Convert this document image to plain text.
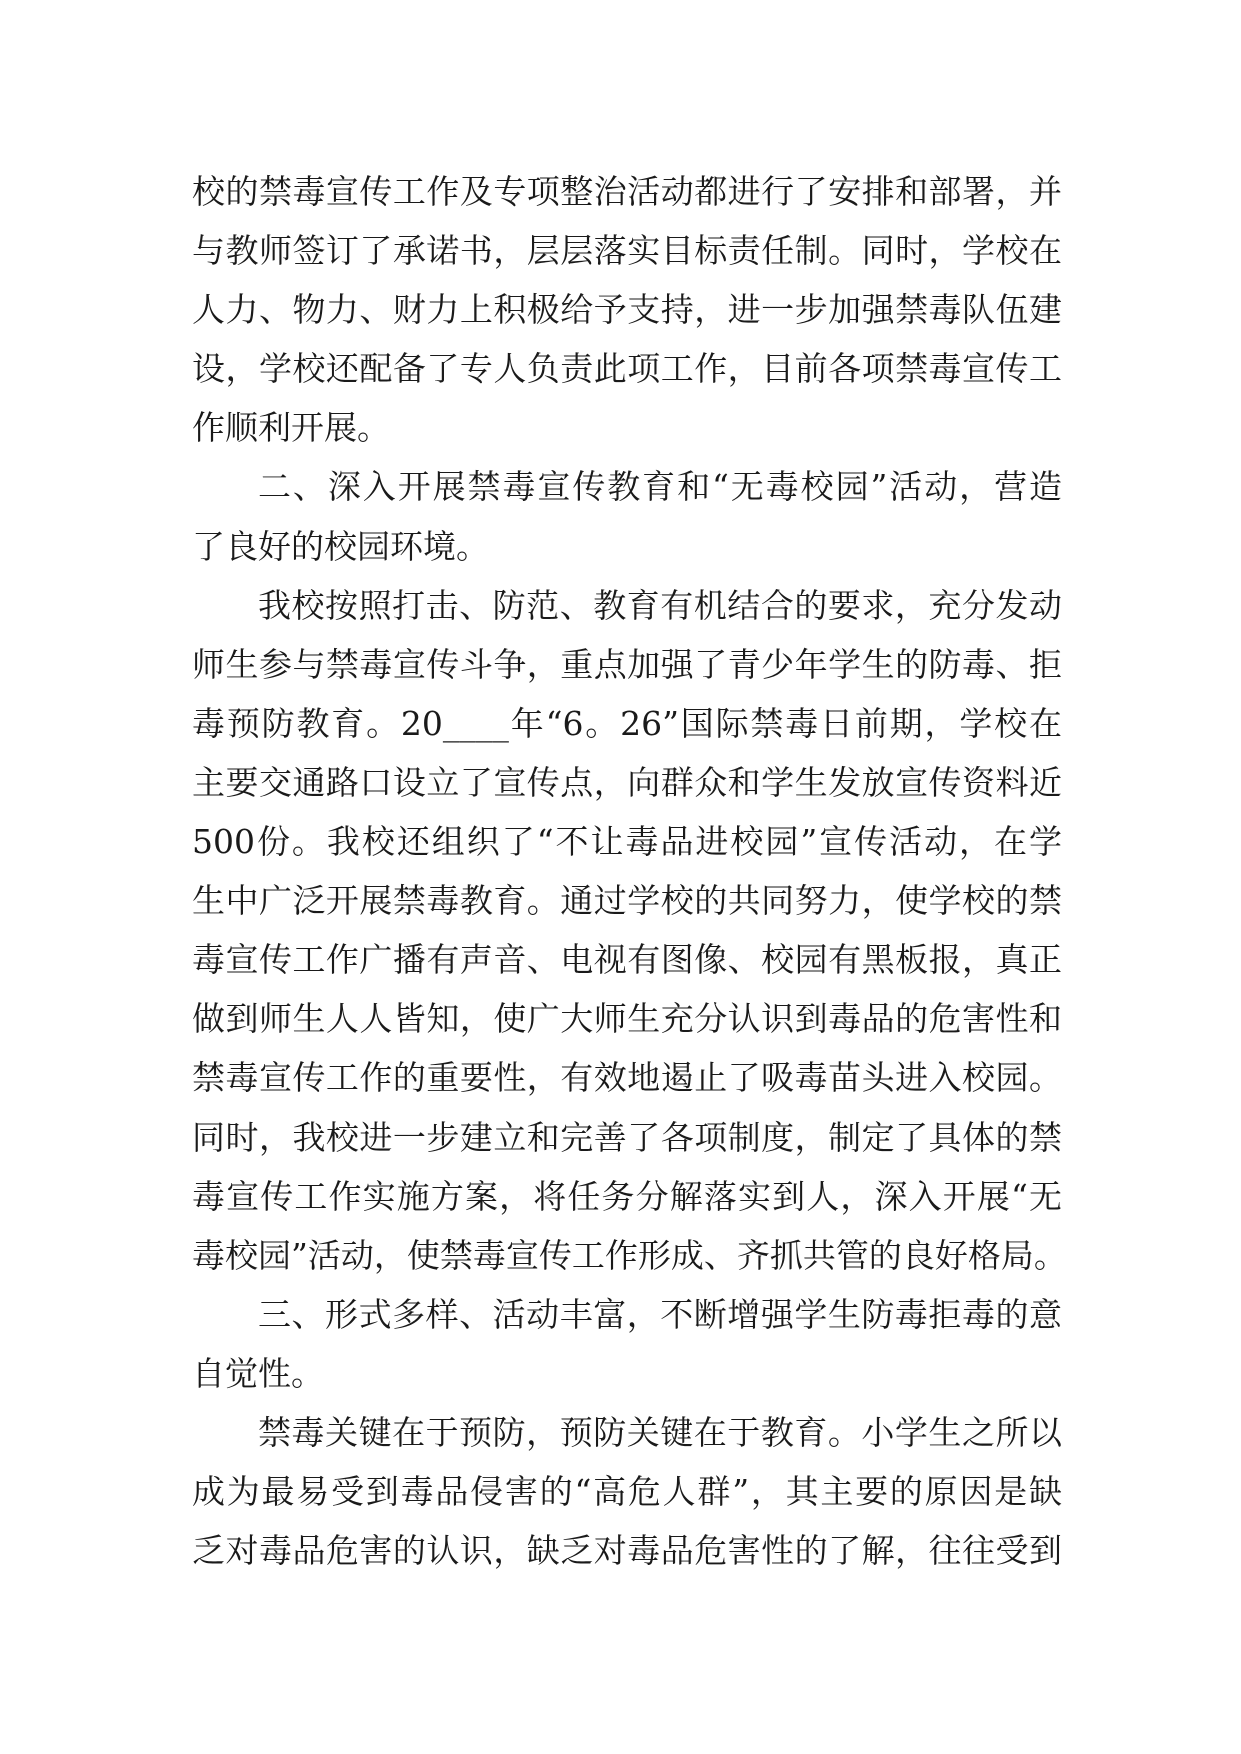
校的禁毒宣传工作及专项整治活动都进行了安排和部署，并
与教师签订了承诺书，层层落实目标责任制。同时，学校在
人力、物力、财力上积极给予支持，进一步加强禁毒队伍建
设，学校还配备了专人负责此项工作，目前各项禁毒宣传工
作顺利开展。
二、深入开展禁毒宣传教育和“无毒校园”活动，营造
了良好的校园环境。
我校按照打击、防范、教育有机结合的要求，充分发动
师生参与禁毒宣传斗争，重点加强了青少年学生的防毒、拒
毒预防教育。20____年“6。26”国际禁毒日前期，学校在
主要交通路口设立了宣传点，向群众和学生发放宣传资料近
500份。我校还组织了“不让毒品进校园”宣传活动，在学
生中广泛开展禁毒教育。通过学校的共同努力，使学校的禁
毒宣传工作广播有声音、电视有图像、校园有黑板报，真正
做到师生人人皆知，使广大师生充分认识到毒品的危害性和
禁毒宣传工作的重要性，有效地遏止了吸毒苗头进入校园。
同时，我校进一步建立和完善了各项制度，制定了具体的禁
毒宣传工作实施方案，将任务分解落实到人，深入开展“无
毒校园”活动，使禁毒宣传工作形成、齐抓共管的良好格局。
三、形式多样、活动丰富，不断增强学生防毒拒毒的意
自觉性。
禁毒关键在于预防，预防关键在于教育。小学生之所以
成为最易受到毒品侵害的“高危人群”，其主要的原因是缺
乏对毒品危害的认识，缺乏对毒品危害性的了解，往往受到
